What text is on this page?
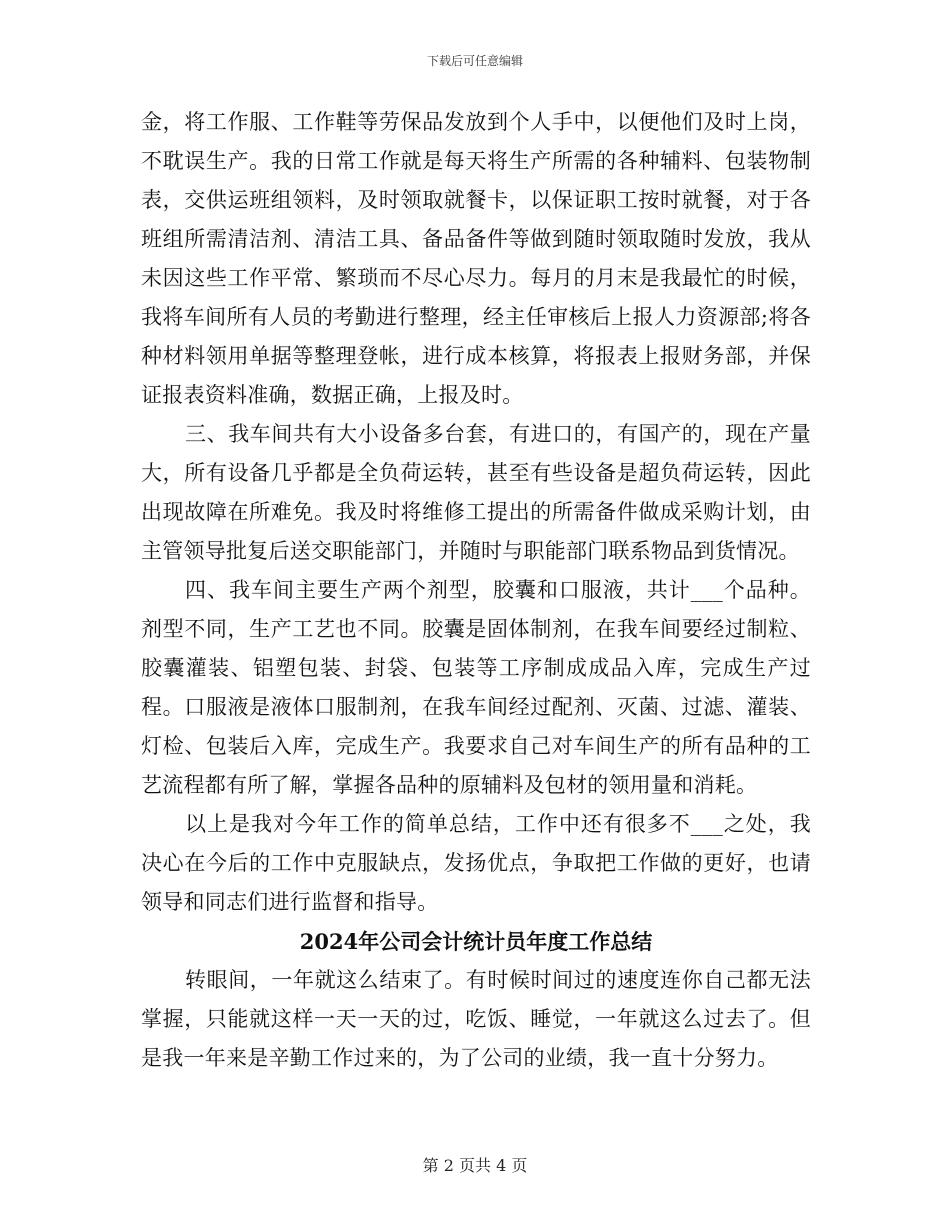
下载后可任意编辑

金，将工作服、工作鞋等劳保品发放到个人手中，以便他们及时上岗，不耽误生产。我的日常工作就是每天将生产所需的各种辅料、包装物制表，交供运班组领料，及时领取就餐卡，以保证职工按时就餐，对于各班组所需清洁剂、清洁工具、备品备件等做到随时领取随时发放，我从未因这些工作平常、繁琐而不尽心尽力。每月的月末是我最忙的时候，我将车间所有人员的考勤进行整理，经主任审核后上报人力资源部;将各种材料领用单据等整理登帐，进行成本核算，将报表上报财务部，并保证报表资料准确，数据正确，上报及时。

三、我车间共有大小设备多台套，有进口的，有国产的，现在产量大，所有设备几乎都是全负荷运转，甚至有些设备是超负荷运转，因此出现故障在所难免。我及时将维修工提出的所需备件做成采购计划，由主管领导批复后送交职能部门，并随时与职能部门联系物品到货情况。

四、我车间主要生产两个剂型，胶囊和口服液，共计___个品种。剂型不同，生产工艺也不同。胶囊是固体制剂，在我车间要经过制粒、胶囊灌装、铝塑包装、封袋、包装等工序制成成品入库，完成生产过程。口服液是液体口服制剂，在我车间经过配剂、灭菌、过滤、灌装、灯检、包装后入库，完成生产。我要求自己对车间生产的所有品种的工艺流程都有所了解，掌握各品种的原辅料及包材的领用量和消耗。

以上是我对今年工作的简单总结，工作中还有很多不___之处，我决心在今后的工作中克服缺点，发扬优点，争取把工作做的更好，也请领导和同志们进行监督和指导。

2024年公司会计统计员年度工作总结

转眼间，一年就这么结束了。有时候时间过的速度连你自己都无法掌握，只能就这样一天一天的过，吃饭、睡觉，一年就这么过去了。但是我一年来是辛勤工作过来的，为了公司的业绩，我一直十分努力。

第 2 页共 4 页
